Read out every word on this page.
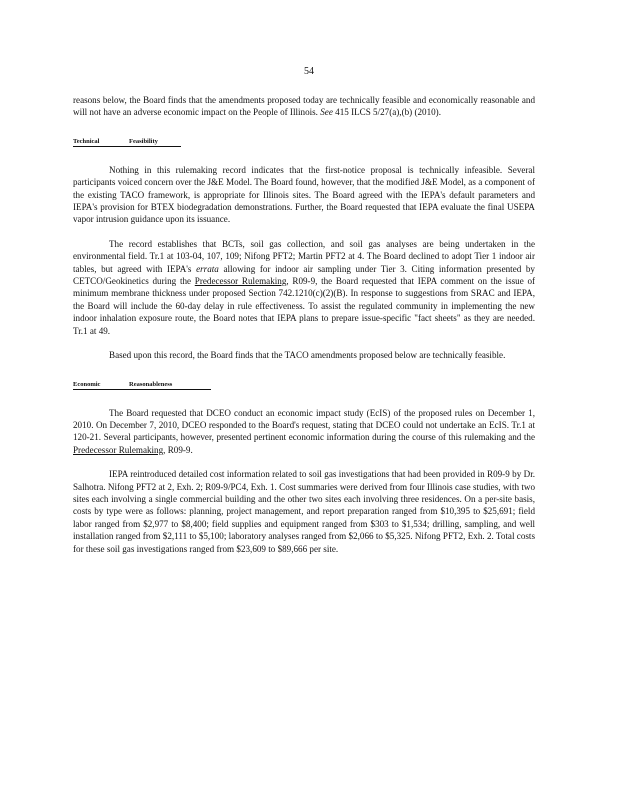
54

reasons below, the Board finds that the amendments proposed today are technically feasible and economically reasonable and will not have an adverse economic impact on the People of Illinois. See 415 ILCS 5/27(a),(b) (2010).

Technical	Feasibility

Nothing in this rulemaking record indicates that the first-notice proposal is technically infeasible. Several participants voiced concern over the J&E Model. The Board found, however, that the modified J&E Model, as a component of the existing TACO framework, is appropriate for Illinois sites. The Board agreed with the IEPA's default parameters and IEPA's provision for BTEX biodegradation demonstrations. Further, the Board requested that IEPA evaluate the final USEPA vapor intrusion guidance upon its issuance.

The record establishes that BCTs, soil gas collection, and soil gas analyses are being undertaken in the environmental field. Tr.1 at 103-04, 107, 109; Nifong PFT2; Martin PFT2 at 4. The Board declined to adopt Tier 1 indoor air tables, but agreed with IEPA's errata allowing for indoor air sampling under Tier 3. Citing information presented by CETCO/Geokinetics during the Predecessor Rulemaking, R09-9, the Board requested that IEPA comment on the issue of minimum membrane thickness under proposed Section 742.1210(c)(2)(B). In response to suggestions from SRAC and IEPA, the Board will include the 60-day delay in rule effectiveness. To assist the regulated community in implementing the new indoor inhalation exposure route, the Board notes that IEPA plans to prepare issue-specific "fact sheets" as they are needed. Tr.1 at 49.

Based upon this record, the Board finds that the TACO amendments proposed below are technically feasible.

Economic	Reasonableness

The Board requested that DCEO conduct an economic impact study (EcIS) of the proposed rules on December 1, 2010. On December 7, 2010, DCEO responded to the Board's request, stating that DCEO could not undertake an EcIS. Tr.1 at 120-21. Several participants, however, presented pertinent economic information during the course of this rulemaking and the Predecessor Rulemaking, R09-9.

IEPA reintroduced detailed cost information related to soil gas investigations that had been provided in R09-9 by Dr. Salhotra. Nifong PFT2 at 2, Exh. 2; R09-9/PC4, Exh. 1. Cost summaries were derived from four Illinois case studies, with two sites each involving a single commercial building and the other two sites each involving three residences. On a per-site basis, costs by type were as follows: planning, project management, and report preparation ranged from $10,395 to $25,691; field labor ranged from $2,977 to $8,400; field supplies and equipment ranged from $303 to $1,534; drilling, sampling, and well installation ranged from $2,111 to $5,100; laboratory analyses ranged from $2,066 to $5,325. Nifong PFT2, Exh. 2. Total costs for these soil gas investigations ranged from $23,609 to $89,666 per site.
